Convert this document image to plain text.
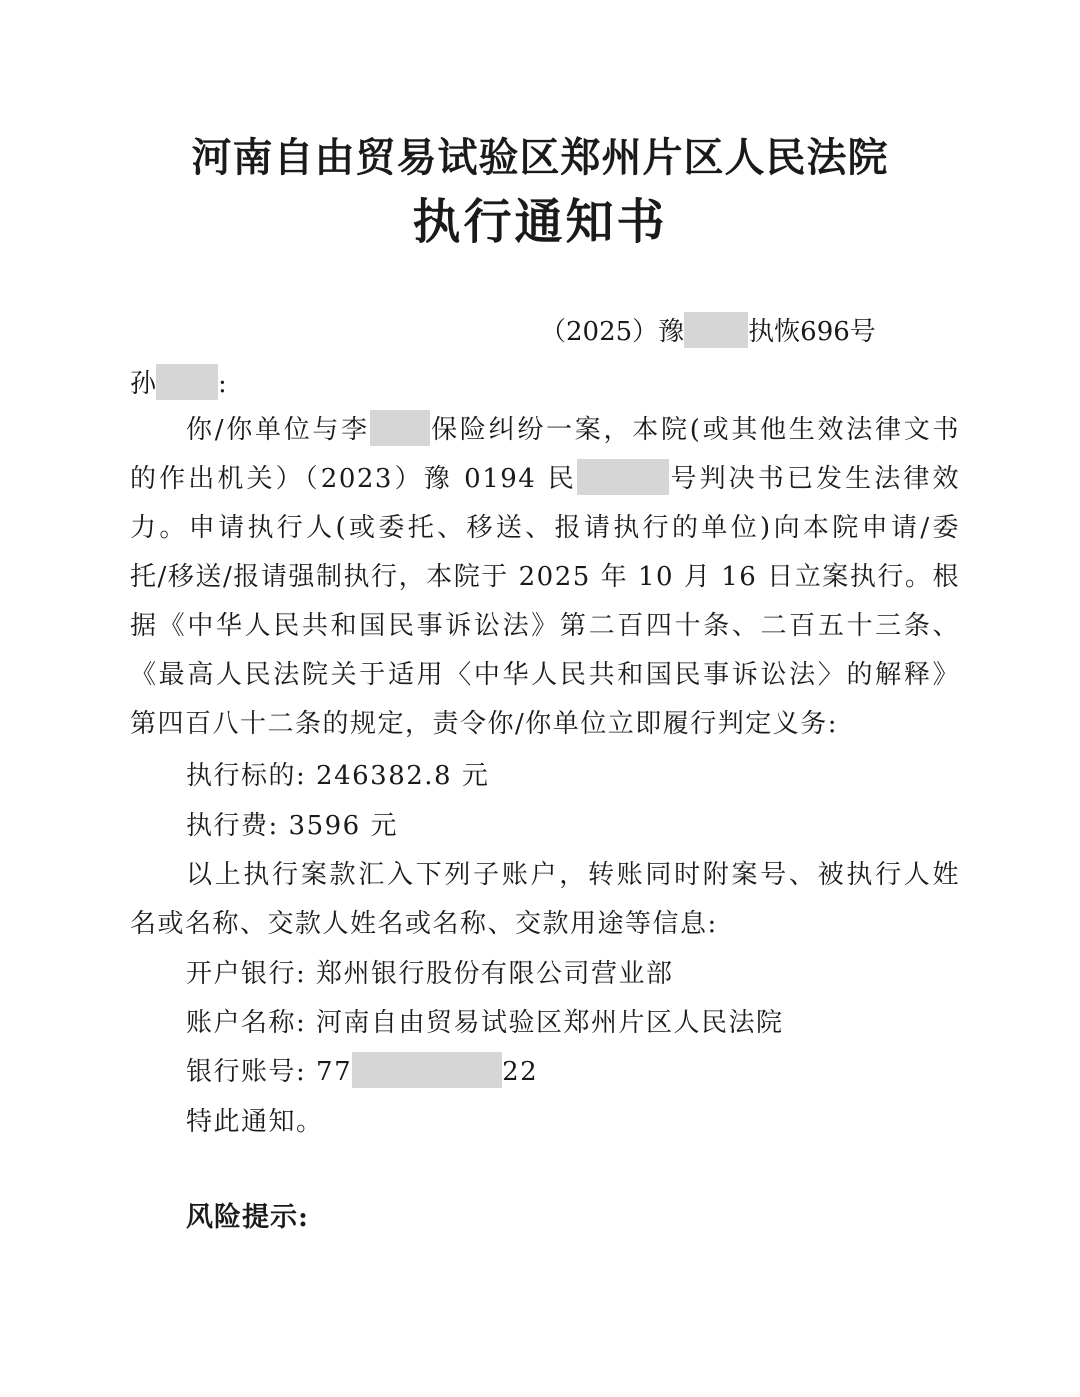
河南自由贸易试验区郑州片区人民法院
执行通知书
（2025）豫 执恢696号
孙 :
你/你单位与李 保险纠纷一案，本院(或其他生效法律文书
的作出机关）（2023）豫 0194 民	号判决书已发生法律效
力。申请执行人(或委托、移送、报请执行的单位)向本院申请/委
托/移送/报请强制执行，本院于 2025 年 10 月 16 日立案执行。根
据《中华人民共和国民事诉讼法》第二百四十条、二百五十三条、
《最高人民法院关于适用〈中华人民共和国民事诉讼法〉的解释》
第四百八十二条的规定，责令你/你单位立即履行判定义务:
执行标的: 246382.8 元
执行费: 3596 元
以上执行案款汇入下列子账户，转账同时附案号、被执行人姓
名或名称、交款人姓名或名称、交款用途等信息:
开户银行: 郑州银行股份有限公司营业部
账户名称: 河南自由贸易试验区郑州片区人民法院
银行账号: 77	22
特此通知。
风险提示:
